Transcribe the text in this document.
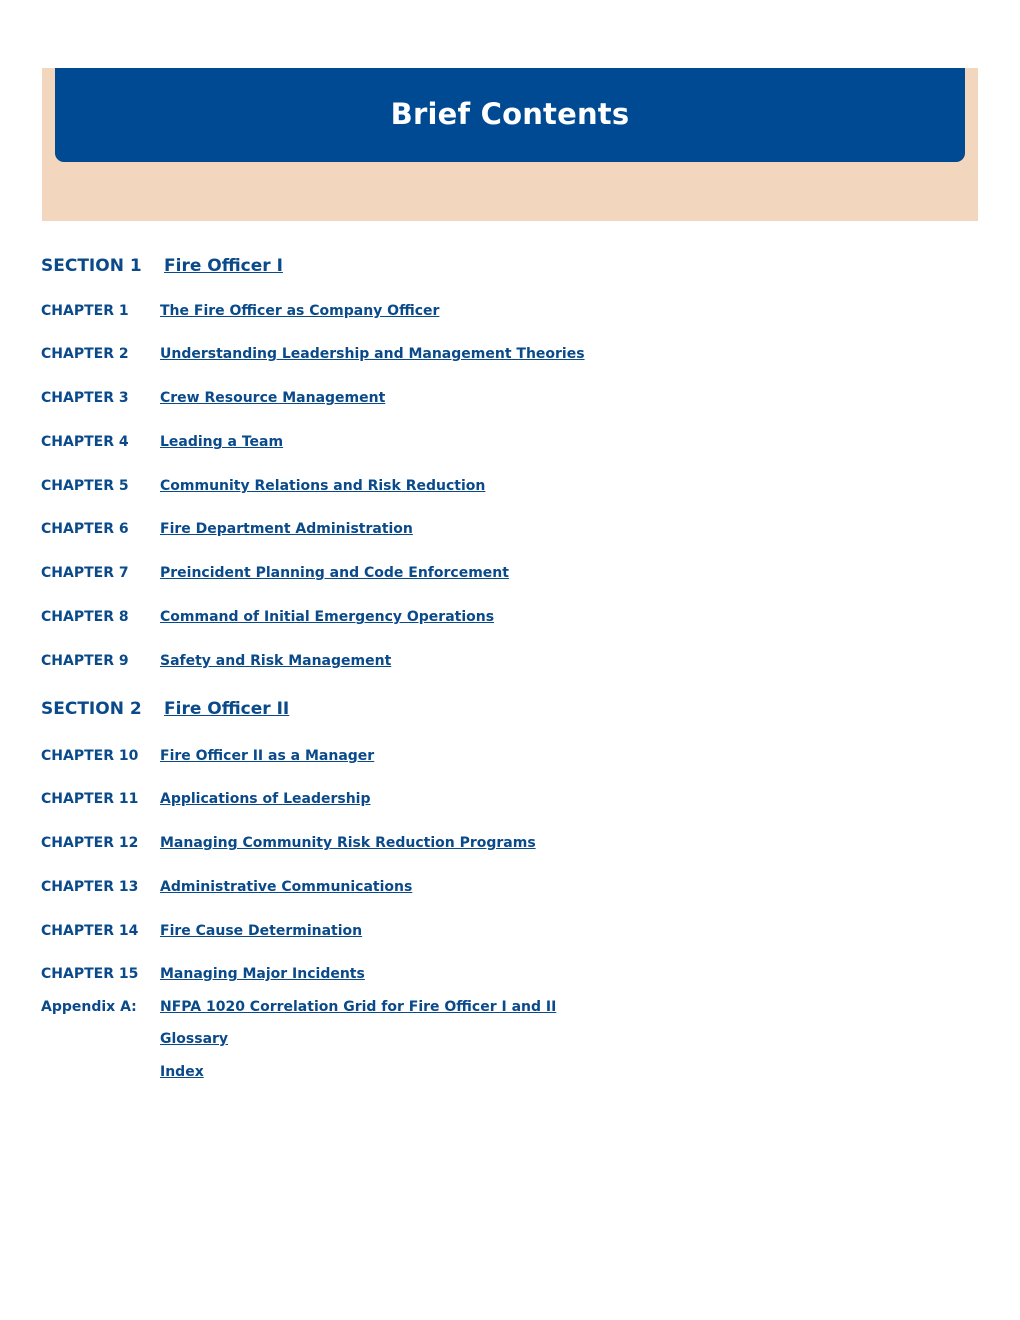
Brief Contents
SECTION 1 Fire Officer I
CHAPTER 1 The Fire Officer as Company Officer
CHAPTER 2 Understanding Leadership and Management Theories
CHAPTER 3 Crew Resource Management
CHAPTER 4 Leading a Team
CHAPTER 5 Community Relations and Risk Reduction
CHAPTER 6 Fire Department Administration
CHAPTER 7 Preincident Planning and Code Enforcement
CHAPTER 8 Command of Initial Emergency Operations
CHAPTER 9 Safety and Risk Management
SECTION 2 Fire Officer II
CHAPTER 10 Fire Officer II as a Manager
CHAPTER 11 Applications of Leadership
CHAPTER 12 Managing Community Risk Reduction Programs
CHAPTER 13 Administrative Communications
CHAPTER 14 Fire Cause Determination
CHAPTER 15 Managing Major Incidents
Appendix A: NFPA 1020 Correlation Grid for Fire Officer I and II
Glossary
Index
